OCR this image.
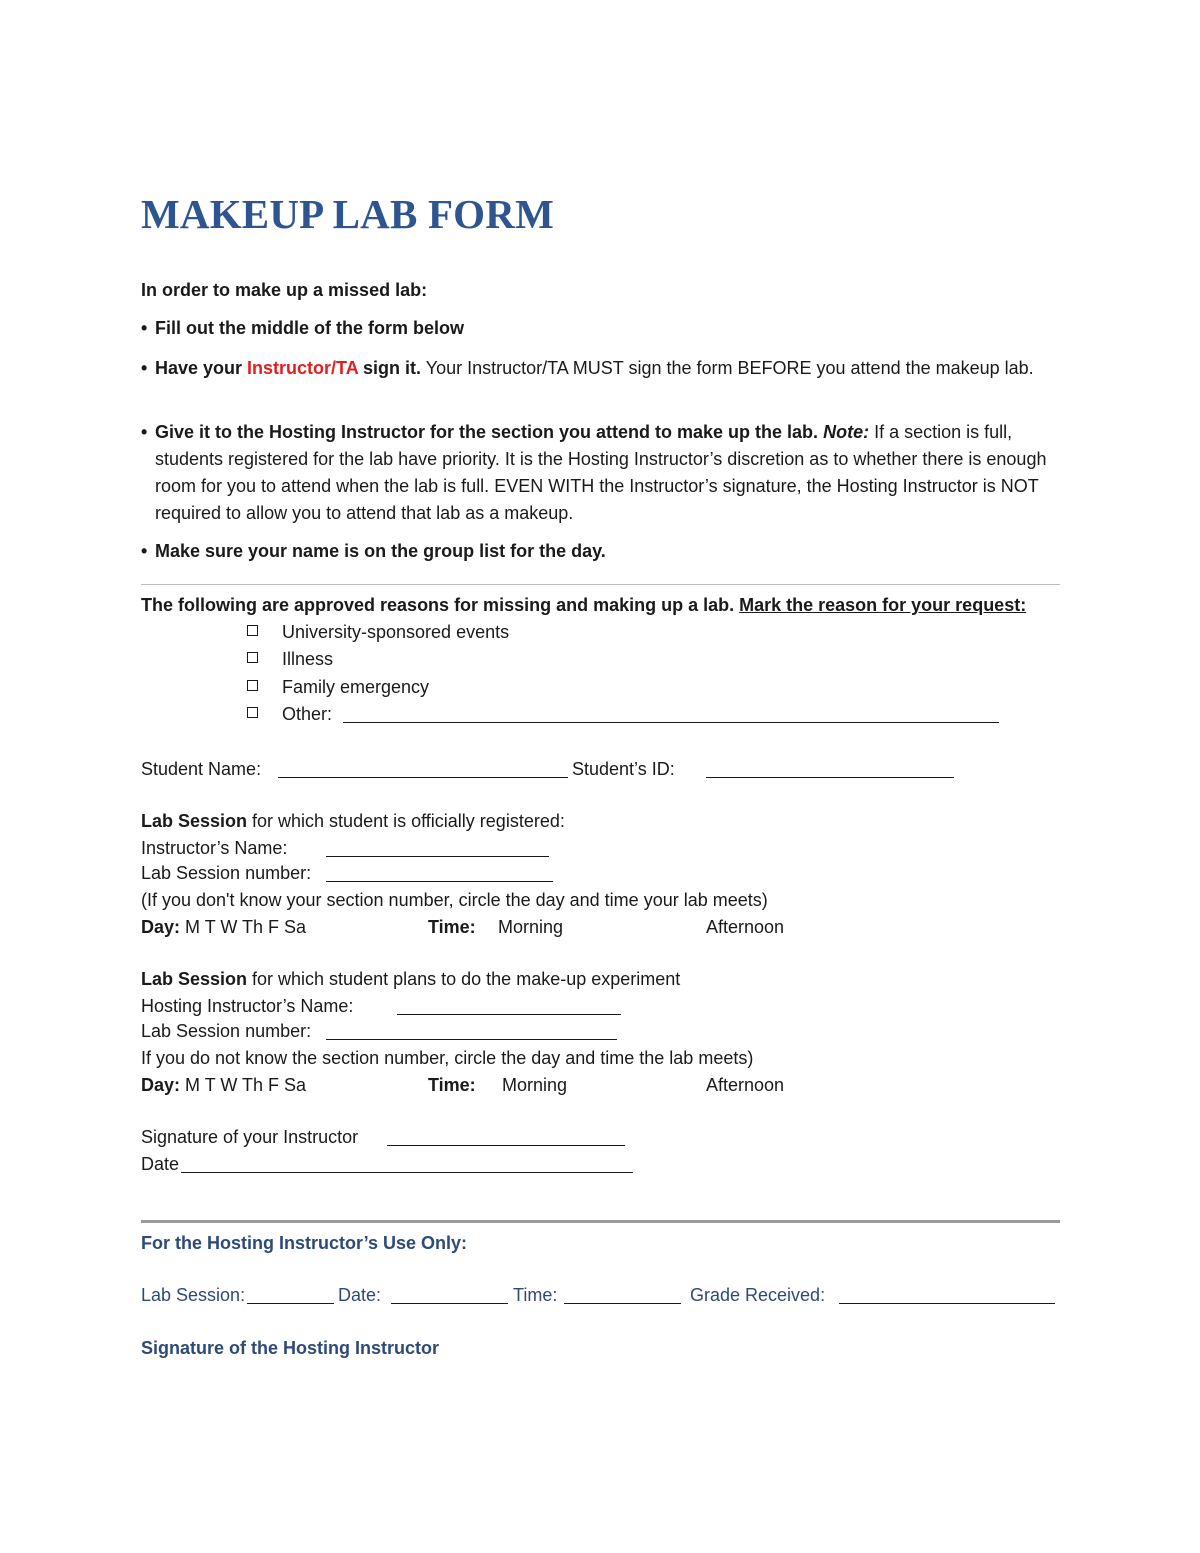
MAKEUP LAB FORM
In order to make up a missed lab:
• Fill out the middle of the form below
• Have your Instructor/TA sign it. Your Instructor/TA MUST sign the form BEFORE you attend the makeup lab.
• Give it to the Hosting Instructor for the section you attend to make up the lab. Note: If a section is full, students registered for the lab have priority. It is the Hosting Instructor’s discretion as to whether there is enough room for you to attend when the lab is full. EVEN WITH the Instructor’s signature, the Hosting Instructor is NOT required to allow you to attend that lab as a makeup.
• Make sure your name is on the group list for the day.
The following are approved reasons for missing and making up a lab. Mark the reason for your request:
University-sponsored events
Illness
Family emergency
Other:
Student Name:	Student’s ID:
Lab Session for which student is officially registered:
Instructor’s Name:
Lab Session number:
(If you don't know your section number, circle the day and time your lab meets)
Day: M T W Th F Sa	Time: Morning	Afternoon
Lab Session for which student plans to do the make-up experiment
Hosting Instructor’s Name:
Lab Session number:
If you do not know the section number, circle the day and time the lab meets)
Day: M T W Th F Sa	Time: Morning	Afternoon
Signature of your Instructor
Date
For the Hosting Instructor’s Use Only:
Lab Session:	Date:	Time:	Grade Received:
Signature of the Hosting Instructor
